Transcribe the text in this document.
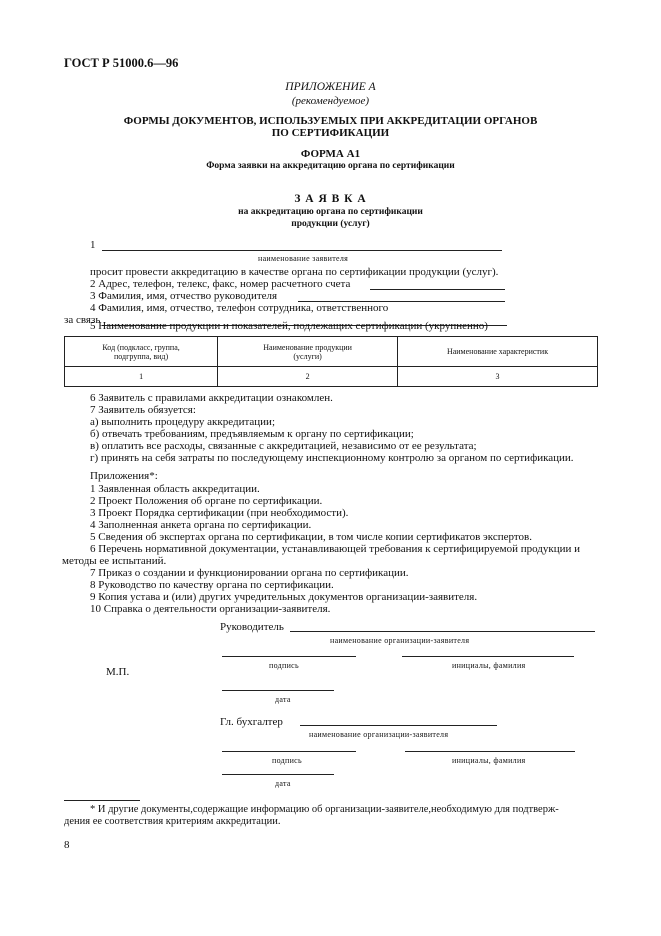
ГОСТ Р 51000.6—96
ПРИЛОЖЕНИЕ А
(рекомендуемое)
ФОРМЫ ДОКУМЕНТОВ, ИСПОЛЬЗУЕМЫХ ПРИ АККРЕДИТАЦИИ ОРГАНОВ
ПО СЕРТИФИКАЦИИ
ФОРМА А1
Форма заявки на аккредитацию органа по сертификации
З А Я В К А
на аккредитацию органа по сертификации
продукции (услуг)
1
наименование заявителя
просит провести аккредитацию в качестве органа по сертификации продукции (услуг).
2 Адрес, телефон, телекс, факс, номер расчетного счета
3 Фамилия, имя, отчество руководителя
4 Фамилия, имя, отчество, телефон сотрудника, ответственного
за связь
5 Наименование продукции и показателей, подлежащих сертификации (укрупненно)
Код (подкласс, группа, подгруппа, вид)	Наименование продукции (услуги)	Наименование характеристик
1	2	3
6 Заявитель с правилами аккредитации ознакомлен.
7 Заявитель обязуется:
а) выполнить процедуру аккредитации;
б) отвечать требованиям, предъявляемым к органу по сертификации;
в) оплатить все расходы, связанные с аккредитацией, независимо от ее результата;
г) принять на себя затраты по последующему инспекционному контролю за органом по сертификации.
Приложения*:
1 Заявленная область аккредитации.
2 Проект Положения об органе по сертификации.
3 Проект Порядка сертификации (при необходимости).
4 Заполненная анкета органа по сертификации.
5 Сведения об экспертах органа по сертификации, в том числе копии сертификатов экспертов.
6 Перечень нормативной документации, устанавливающей требования к сертифицируемой продукции и
методы ее испытаний.
7 Приказ о создании и функционировании органа по сертификации.
8 Руководство по качеству органа по сертификации.
9 Копия устава и (или) других учредительных документов организации-заявителя.
10 Справка о деятельности организации-заявителя.
Руководитель
наименование организации-заявителя
подпись	инициалы, фамилия
М.П.
дата
Гл. бухгалтер
наименование организации-заявителя
подпись	инициалы, фамилия
дата
* И другие документы,содержащие информацию об организации-заявителе,необходимую для подтверж-
дения ее соответствия критериям аккредитации.
8
